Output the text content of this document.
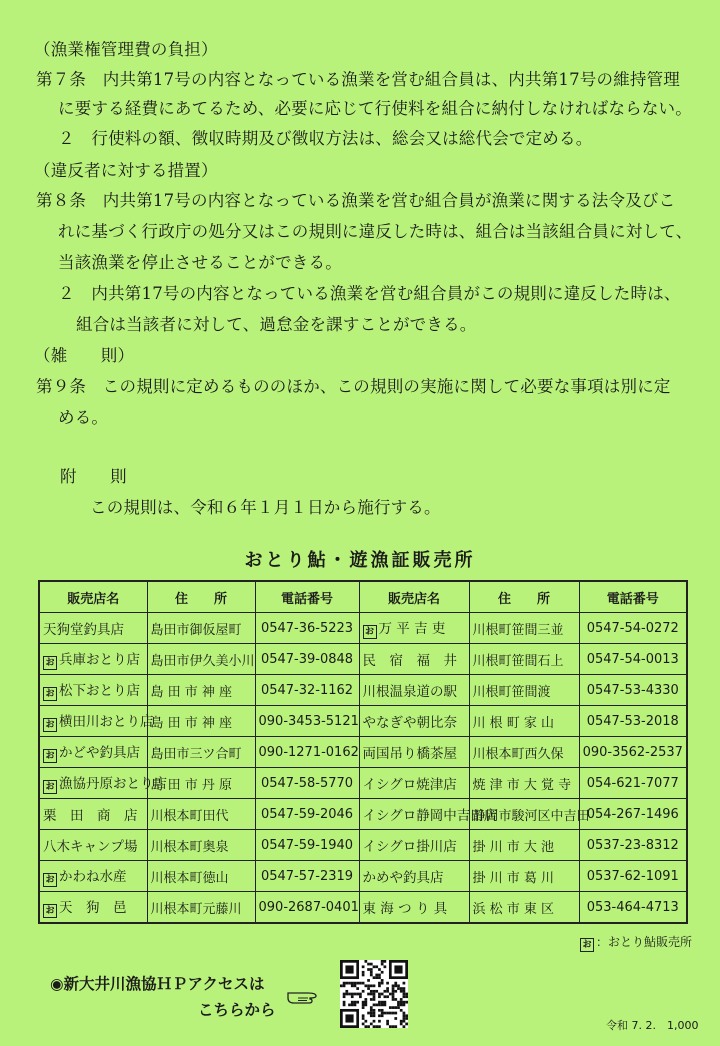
（漁業権管理費の負担）
第７条　内共第17号の内容となっている漁業を営む組合員は、内共第17号の維持管理
に要する経費にあてるため、必要に応じて行使料を組合に納付しなければならない。
２　行使料の額、徴収時期及び徴収方法は、総会又は総代会で定める。
（違反者に対する措置）
第８条　内共第17号の内容となっている漁業を営む組合員が漁業に関する法令及びこ
れに基づく行政庁の処分又はこの規則に違反した時は、組合は当該組合員に対して、
当該漁業を停止させることができる。
２　内共第17号の内容となっている漁業を営む組合員がこの規則に違反した時は、
組合は当該者に対して、過怠金を課すことができる。
（雑　　則）
第９条　この規則に定めるもののほか、この規則の実施に関して必要な事項は別に定
める。
附　　則
この規則は、令和６年１月１日から施行する。
おとり鮎・遊漁証販売所
販売店名	住　　所	電話番号	販売店名	住　　所	電話番号
天狗堂釣具店	島田市御仮屋町	0547-36-5223	お 万 平 吉 吏	川根町笹間三並	0547-54-0272
お 兵庫おとり店	島田市伊久美小川	0547-39-0848	民　宿　福　井	川根町笹間石上	0547-54-0013
お 松下おとり店	島 田 市 神 座	0547-32-1162	川根温泉道の駅	川根町笹間渡	0547-53-4330
お 横田川おとり店	島 田 市 神 座	090-3453-5121	やなぎや朝比奈	川 根 町 家 山	0547-53-2018
お かどや釣具店	島田市三ツ合町	090-1271-0162	両国吊り橋茶屋	川根本町西久保	090-3562-2537
お 漁協丹原おとり店	島 田 市 丹 原	0547-58-5770	イシグロ焼津店	焼 津 市 大 覚 寺	054-621-7077
栗　田　商　店	川根本町田代	0547-59-2046	イシグロ静岡中吉田店	静岡市駿河区中吉田	054-267-1496
八木キャンプ場	川根本町奥泉	0547-59-1940	イシグロ掛川店	掛 川 市 大 池	0537-23-8312
お かわね水産	川根本町徳山	0547-57-2319	かめや釣具店	掛 川 市 葛 川	0537-62-1091
お 天　狗　邑	川根本町元藤川	090-2687-0401	東 海 つ り 具	浜 松 市 東 区	053-464-4713
お ：おとり鮎販売所
◉新大井川漁協ＨＰアクセスは
こちらから
令和 7. 2.　1,000
